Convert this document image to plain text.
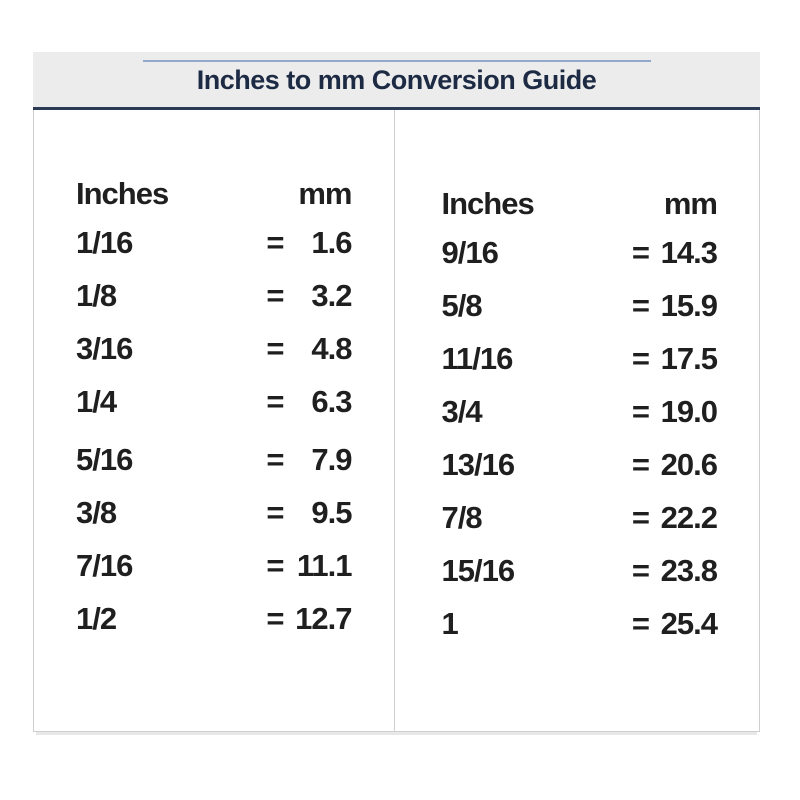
Inches to mm Conversion Guide
Inches	mm
1/16	= 1.6
1/8	= 3.2
3/16	= 4.8
1/4	= 6.3
5/16	= 7.9
3/8	= 9.5
7/16	= 11.1
1/2	= 12.7
Inches	mm
9/16	= 14.3
5/8	= 15.9
11/16	= 17.5
3/4	= 19.0
13/16	= 20.6
7/8	= 22.2
15/16	= 23.8
1	= 25.4
